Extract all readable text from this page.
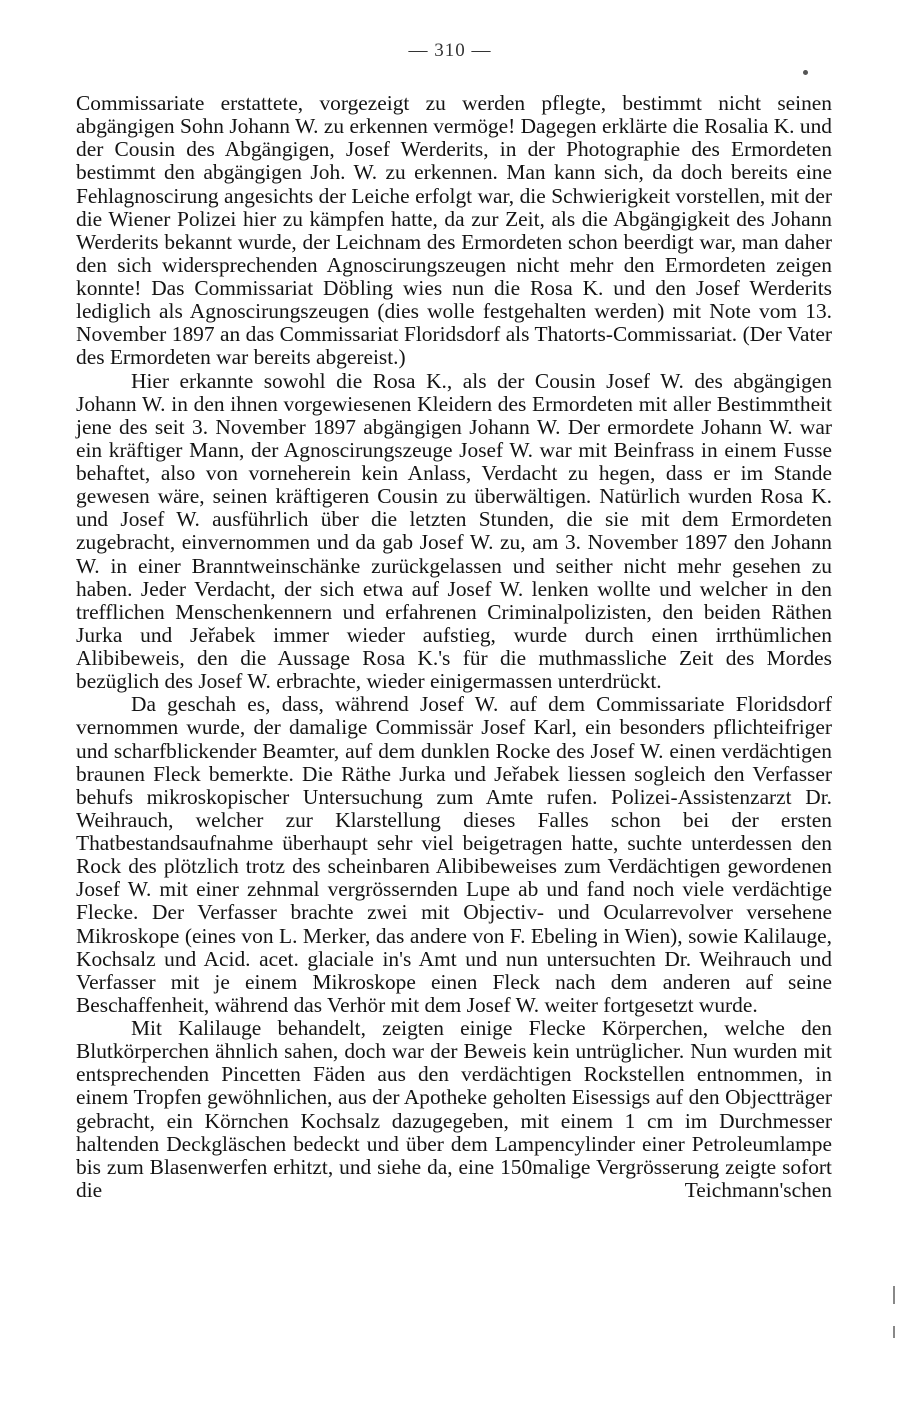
— 310 —

Commissariate erstattete, vorgezeigt zu werden pflegte, bestimmt nicht seinen abgängigen Sohn Johann W. zu erkennen vermöge! Dagegen erklärte die Rosalia K. und der Cousin des Abgängigen, Josef Werderits, in der Photographie des Ermordeten bestimmt den abgängigen Joh. W. zu erkennen. Man kann sich, da doch bereits eine Fehlagnoscirung angesichts der Leiche erfolgt war, die Schwierigkeit vorstellen, mit der die Wiener Polizei hier zu kämpfen hatte, da zur Zeit, als die Abgängigkeit des Johann Werderits bekannt wurde, der Leichnam des Ermordeten schon beerdigt war, man daher den sich widersprechenden Agnoscirungszeugen nicht mehr den Ermordeten zeigen konnte! Das Commissariat Döbling wies nun die Rosa K. und den Josef Werderits lediglich als Agnoscirungszeugen (dies wolle festgehalten werden) mit Note vom 13. November 1897 an das Commissariat Floridsdorf als Thatorts-Commissariat. (Der Vater des Ermordeten war bereits abgereist.)

Hier erkannte sowohl die Rosa K., als der Cousin Josef W. des abgängigen Johann W. in den ihnen vorgewiesenen Kleidern des Ermordeten mit aller Bestimmtheit jene des seit 3. November 1897 abgängigen Johann W. Der ermordete Johann W. war ein kräftiger Mann, der Agnoscirungszeuge Josef W. war mit Beinfrass in einem Fusse behaftet, also von vorneherein kein Anlass, Verdacht zu hegen, dass er im Stande gewesen wäre, seinen kräftigeren Cousin zu überwältigen. Natürlich wurden Rosa K. und Josef W. ausführlich über die letzten Stunden, die sie mit dem Ermordeten zugebracht, einvernommen und da gab Josef W. zu, am 3. November 1897 den Johann W. in einer Branntweinschänke zurückgelassen und seither nicht mehr gesehen zu haben. Jeder Verdacht, der sich etwa auf Josef W. lenken wollte und welcher in den trefflichen Menschenkennern und erfahrenen Criminalpolizisten, den beiden Räthen Jurka und Jeřabek immer wieder aufstieg, wurde durch einen irrthümlichen Alibibeweis, den die Aussage Rosa K.'s für die muthmassliche Zeit des Mordes bezüglich des Josef W. erbrachte, wieder einigermassen unterdrückt.

Da geschah es, dass, während Josef W. auf dem Commissariate Floridsdorf vernommen wurde, der damalige Commissär Josef Karl, ein besonders pflichteifriger und scharfblickender Beamter, auf dem dunklen Rocke des Josef W. einen verdächtigen braunen Fleck bemerkte. Die Räthe Jurka und Jeřabek liessen sogleich den Verfasser behufs mikroskopischer Untersuchung zum Amte rufen. Polizei-Assistenzarzt Dr. Weihrauch, welcher zur Klarstellung dieses Falles schon bei der ersten Thatbestandsaufnahme überhaupt sehr viel beigetragen hatte, suchte unterdessen den Rock des plötzlich trotz des scheinbaren Alibibeweises zum Verdächtigen gewordenen Josef W. mit einer zehnmal vergrössernden Lupe ab und fand noch viele verdächtige Flecke. Der Verfasser brachte zwei mit Objectiv- und Ocularrevolver versehene Mikroskope (eines von L. Merker, das andere von F. Ebeling in Wien), sowie Kalilauge, Kochsalz und Acid. acet. glaciale in's Amt und nun untersuchten Dr. Weihrauch und Verfasser mit je einem Mikroskope einen Fleck nach dem anderen auf seine Beschaffenheit, während das Verhör mit dem Josef W. weiter fortgesetzt wurde.

Mit Kalilauge behandelt, zeigten einige Flecke Körperchen, welche den Blutkörperchen ähnlich sahen, doch war der Beweis kein untrüglicher. Nun wurden mit entsprechenden Pincetten Fäden aus den verdächtigen Rockstellen entnommen, in einem Tropfen gewöhnlichen, aus der Apotheke geholten Eisessigs auf den Objectträger gebracht, ein Körnchen Kochsalz dazugegeben, mit einem 1 cm im Durchmesser haltenden Deckgläschen bedeckt und über dem Lampencylinder einer Petroleumlampe bis zum Blasenwerfen erhitzt, und siehe da, eine 150malige Vergrösserung zeigte sofort die Teichmann'schen
